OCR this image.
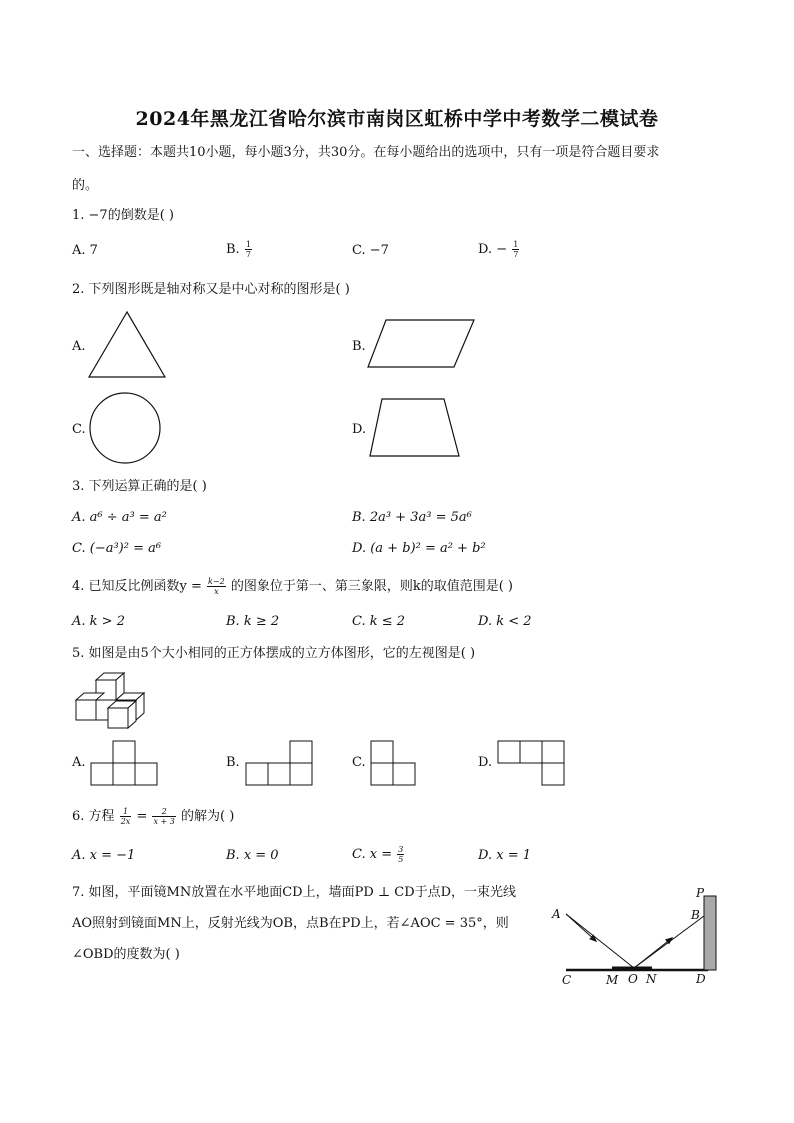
2024年黑龙江省哈尔滨市南岗区虹桥中学中考数学二模试卷
一、选择题：本题共10小题，每小题3分，共30分。在每小题给出的选项中，只有一项是符合题目要求
的。
1. −7的倒数是( )
A. 7	B. $\frac{1}{7}$	C. −7	D. − $\frac{1}{7}$
2. 下列图形既是轴对称又是中心对称的图形是( )
A.	B.
C.	D.
3. 下列运算正确的是( )
A. a⁶ ÷ a³ = a²	B. 2a³ + 3a³ = 5a⁶
C. (−a³)² = a⁶	D. (a + b)² = a² + b²
4. 已知反比例函数$y = \frac{k-2}{x}$ 的图象位于第一、第三象限，则k的取值范围是( )
A. k > 2	B. k ≥ 2	C. k ≤ 2	D. k < 2
5. 如图是由5个大小相同的正方体摆成的立方体图形，它的左视图是( )
A.	B.	C.	D.
6. 方程 $\frac{1}{2x} = \frac{2}{x + 3}$ 的解为( )
A. x = −1	B. x = 0	C. $x = \frac{3}{5}$	D. x = 1
7. 如图，平面镜MN放置在水平地面CD上，墙面PD ⊥ CD于点D，一束光线
AO照射到镜面MN上，反射光线为OB，点B在PD上，若∠AOC = 35°，则
∠OBD的度数为( )
A	B
P
C	M O N	D
